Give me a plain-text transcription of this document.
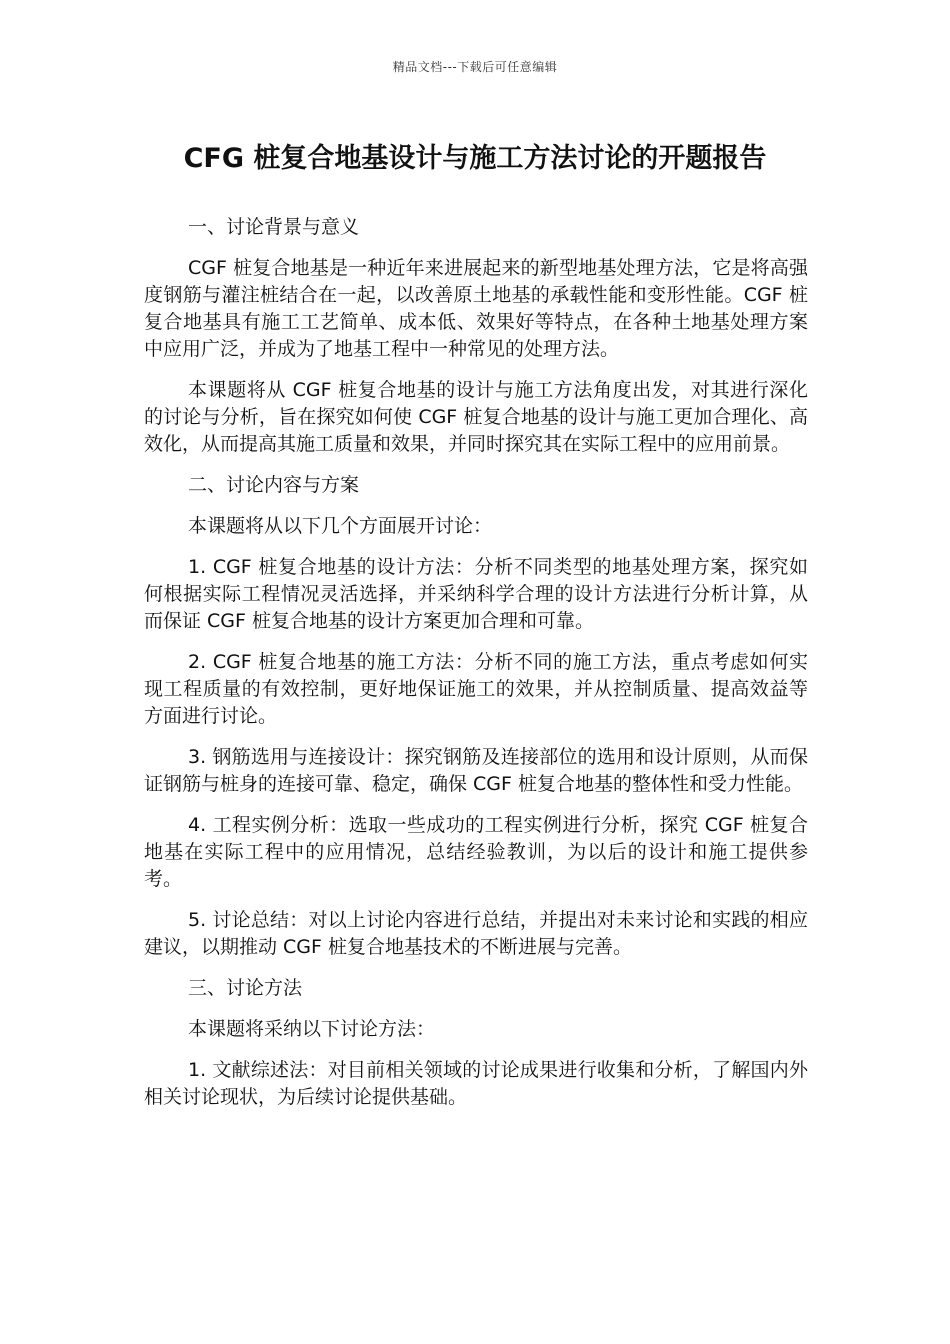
精品文档---下载后可任意编辑
CFG 桩复合地基设计与施工方法讨论的开题报告

一、讨论背景与意义

CGF 桩复合地基是一种近年来进展起来的新型地基处理方法，它是将高强度钢筋与灌注桩结合在一起，以改善原土地基的承载性能和变形性能。CGF 桩复合地基具有施工工艺简单、成本低、效果好等特点，在各种土地基处理方案中应用广泛，并成为了地基工程中一种常见的处理方法。

本课题将从 CGF 桩复合地基的设计与施工方法角度出发，对其进行深化的讨论与分析，旨在探究如何使 CGF 桩复合地基的设计与施工更加合理化、高效化，从而提高其施工质量和效果，并同时探究其在实际工程中的应用前景。

二、讨论内容与方案

本课题将从以下几个方面展开讨论：

1. CGF 桩复合地基的设计方法：分析不同类型的地基处理方案，探究如何根据实际工程情况灵活选择，并采纳科学合理的设计方法进行分析计算，从而保证 CGF 桩复合地基的设计方案更加合理和可靠。

2. CGF 桩复合地基的施工方法：分析不同的施工方法，重点考虑如何实现工程质量的有效控制，更好地保证施工的效果，并从控制质量、提高效益等方面进行讨论。

3. 钢筋选用与连接设计：探究钢筋及连接部位的选用和设计原则，从而保证钢筋与桩身的连接可靠、稳定，确保 CGF 桩复合地基的整体性和受力性能。

4. 工程实例分析：选取一些成功的工程实例进行分析，探究 CGF 桩复合地基在实际工程中的应用情况，总结经验教训，为以后的设计和施工提供参考。

5. 讨论总结：对以上讨论内容进行总结，并提出对未来讨论和实践的相应建议，以期推动 CGF 桩复合地基技术的不断进展与完善。

三、讨论方法

本课题将采纳以下讨论方法：

1. 文献综述法：对目前相关领域的讨论成果进行收集和分析，了解国内外相关讨论现状，为后续讨论提供基础。
